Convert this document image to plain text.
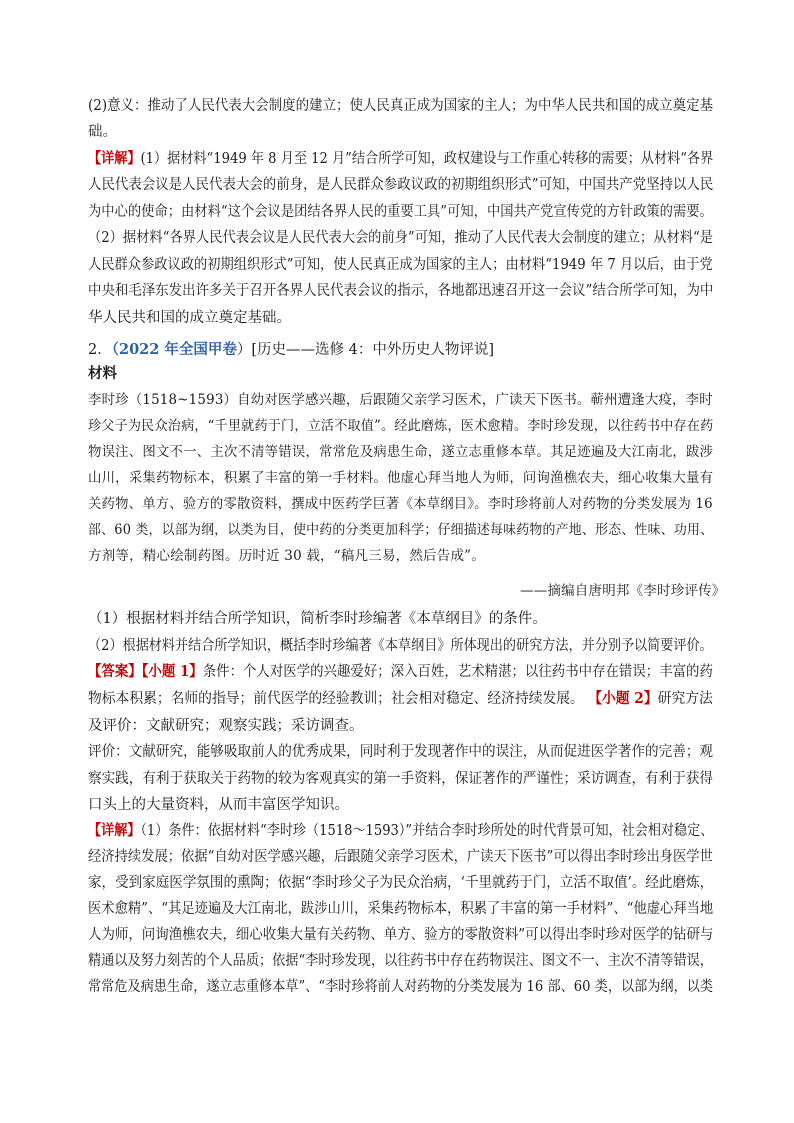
(2)意义：推动了人民代表大会制度的建立；使人民真正成为国家的主人；为中华人民共和国的成立奠定基
础。
【详解】(1）据材料“1949 年 8 月至 12 月”结合所学可知，政权建设与工作重心转移的需要；从材料“各界
人民代表会议是人民代表大会的前身，是人民群众参政议政的初期组织形式”可知，中国共产党坚持以人民
为中心的使命；由材料“这个会议是团结各界人民的重要工具”可知，中国共产党宣传党的方针政策的需要。
（2）据材料“各界人民代表会议是人民代表大会的前身”可知，推动了人民代表大会制度的建立；从材料“是
人民群众参政议政的初期组织形式”可知，使人民真正成为国家的主人；由材料“1949 年 7 月以后，由于党
中央和毛泽东发出许多关于召开各界人民代表会议的指示，各地都迅速召开这一会议”结合所学可知，为中
华人民共和国的成立奠定基础。
2．（2022 年全国甲卷）[历史——选修 4：中外历史人物评说]
材料
李时珍（1518~1593）自幼对医学感兴趣，后跟随父亲学习医术，广读天下医书。蕲州遭逢大疫，李时
珍父子为民众治病，“千里就药于门，立活不取值”。经此磨炼，医术愈精。李时珍发现，以往药书中存在药
物误注、图文不一、主次不清等错误，常常危及病患生命，遂立志重修本草。其足迹遍及大江南北，跋涉
山川，采集药物标本，积累了丰富的第一手材料。他虚心拜当地人为师，问询渔樵农夫，细心收集大量有
关药物、单方、验方的零散资料，撰成中医药学巨著《本草纲目》。李时珍将前人对药物的分类发展为 16
部、60 类，以部为纲，以类为目，使中药的分类更加科学；仔细描述每味药物的产地、形态、性味、功用、
方剂等，精心绘制药图。历时近 30 载，“稿凡三易，然后告成”。
——摘编自唐明邦《李时珍评传》
（1）根据材料并结合所学知识，简析李时珍编著《本草纲目》的条件。
（2）根据材料并结合所学知识，概括李时珍编著《本草纲目》所体现出的研究方法，并分别予以简要评价。
【答案】【小题 1】条件：个人对医学的兴趣爱好；深入百姓，艺术精湛；以往药书中存在错误；丰富的药
物标本积累；名师的指导；前代医学的经验教训；社会相对稳定、经济持续发展。 【小题 2】研究方法
及评价：文献研究；观察实践；采访调查。
评价：文献研究，能够吸取前人的优秀成果，同时利于发现著作中的误注，从而促进医学著作的完善；观
察实践，有利于获取关于药物的较为客观真实的第一手资料，保证著作的严谨性；采访调查，有利于获得
口头上的大量资料，从而丰富医学知识。
【详解】（1）条件：依据材料“李时珍（1518～1593）”并结合李时珍所处的时代背景可知，社会相对稳定、
经济持续发展；依据“自幼对医学感兴趣，后跟随父亲学习医术，广读天下医书”可以得出李时珍出身医学世
家，受到家庭医学氛围的熏陶；依据“李时珍父子为民众治病，‘千里就药于门，立活不取值’。经此磨炼，
医术愈精”、“其足迹遍及大江南北，跋涉山川，采集药物标本，积累了丰富的第一手材料”、“他虚心拜当地
人为师，问询渔樵农夫，细心收集大量有关药物、单方、验方的零散资料”可以得出李时珍对医学的钻研与
精通以及努力刻苦的个人品质；依据“李时珍发现，以往药书中存在药物误注、图文不一、主次不清等错误，
常常危及病患生命，遂立志重修本草”、“李时珍将前人对药物的分类发展为 16 部、60 类，以部为纲，以类
